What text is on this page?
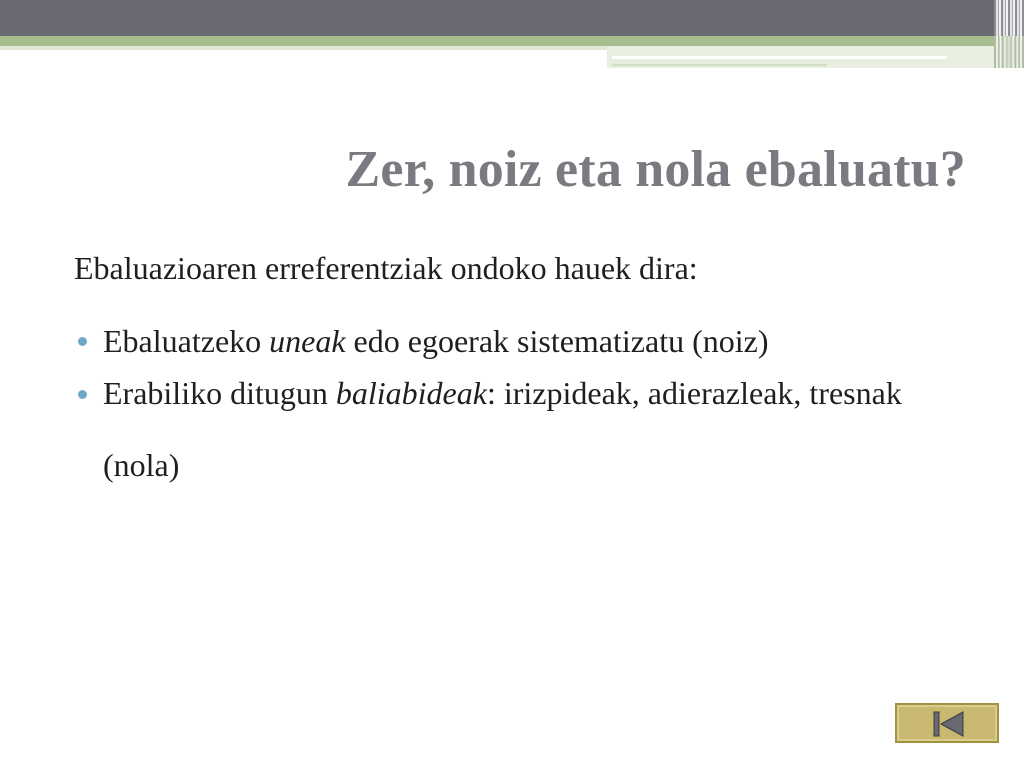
Zer, noiz eta nola ebaluatu?
Ebaluazioaren erreferentziak ondoko hauek dira:
Ebaluatzeko uneak edo egoerak sistematizatu (noiz)
Erabiliko ditugun baliabideak: irizpideak, adierazleak, tresnak (nola)
